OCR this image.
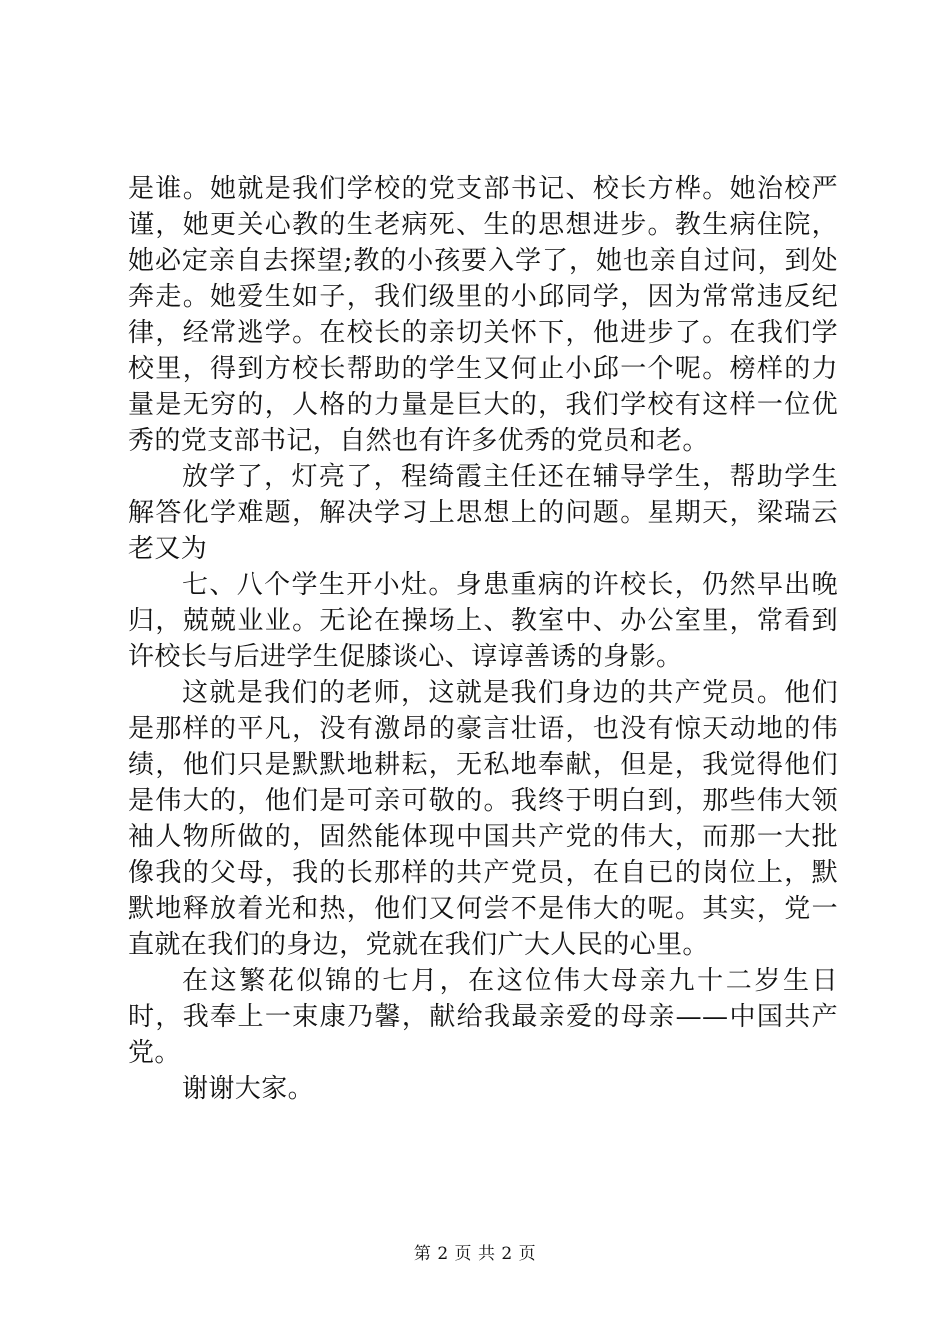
是谁。她就是我们学校的党支部书记、校长方桦。她治校严谨，她更关心教的生老病死、生的思想进步。教生病住院，她必定亲自去探望;教的小孩要入学了，她也亲自过问，到处奔走。她爱生如子，我们级里的小邱同学，因为常常违反纪律，经常逃学。在校长的亲切关怀下，他进步了。在我们学校里，得到方校长帮助的学生又何止小邱一个呢。榜样的力量是无穷的，人格的力量是巨大的，我们学校有这样一位优秀的党支部书记，自然也有许多优秀的党员和老。

放学了，灯亮了，程绮霞主任还在辅导学生，帮助学生解答化学难题，解决学习上思想上的问题。星期天，梁瑞云老又为

七、八个学生开小灶。身患重病的许校长，仍然早出晚归，兢兢业业。无论在操场上、教室中、办公室里，常看到许校长与后进学生促膝谈心、谆谆善诱的身影。

这就是我们的老师，这就是我们身边的共产党员。他们是那样的平凡，没有激昂的豪言壮语，也没有惊天动地的伟绩，他们只是默默地耕耘，无私地奉献，但是，我觉得他们是伟大的，他们是可亲可敬的。我终于明白到，那些伟大领袖人物所做的，固然能体现中国共产党的伟大，而那一大批像我的父母，我的长那样的共产党员，在自已的岗位上，默默地释放着光和热，他们又何尝不是伟大的呢。其实，党一直就在我们的身边，党就在我们广大人民的心里。

在这繁花似锦的七月，在这位伟大母亲九十二岁生日时，我奉上一束康乃馨，献给我最亲爱的母亲——中国共产党。

谢谢大家。

第 2 页 共 2 页
